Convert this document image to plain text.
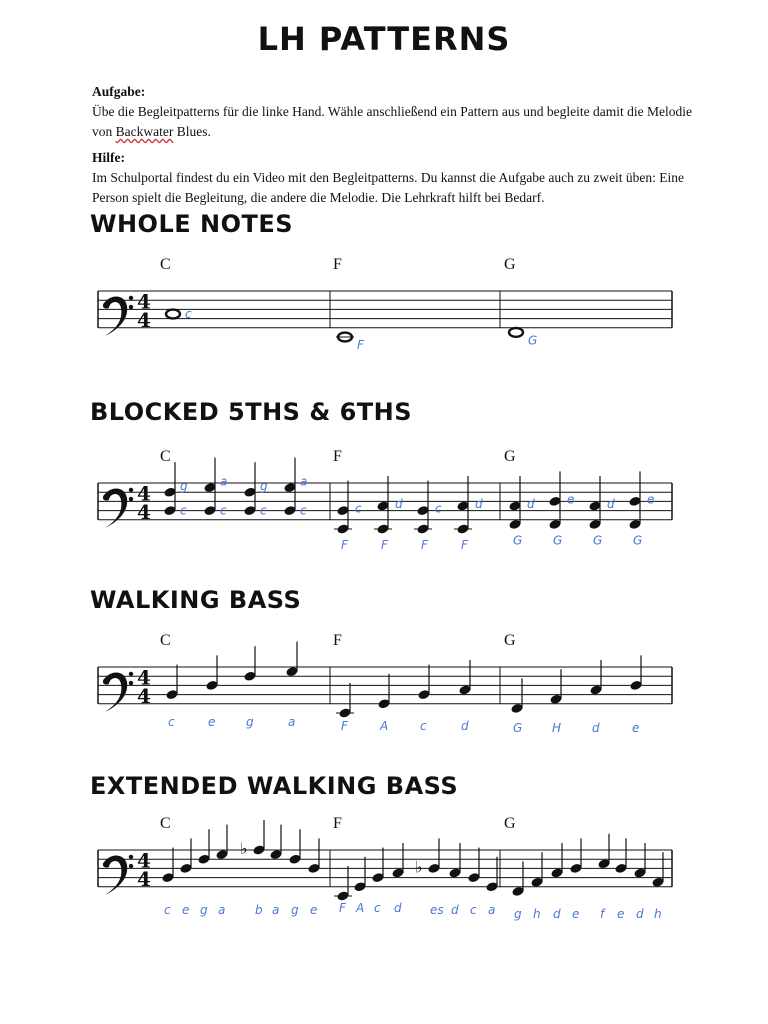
LH PATTERNS
Aufgabe:
Übe die Begleitpatterns für die linke Hand. Wähle anschließend ein Pattern aus und begleite damit die Melodie von Backwater Blues.
Hilfe:
Im Schulportal findest du ein Video mit den Begleitpatterns. Du kannst die Aufgabe auch zu zweit üben: Eine Person spielt die Begleitung, die andere die Melodie. Die Lehrkraft hilft bei Bedarf.
WHOLE NOTES
BLOCKED 5THS & 6THS
WALKING BASS
EXTENDED WALKING BASS
4
4
C	F	G
c
F	G
4
4
C	F	G
g
c
a
c
g
c
a
c	c
F
d
F
c
F
d
F
d
G
e
G
d
G
e
G
4
4
C	F	G
c	e	g	a	F	A	c	d	G H	d	e
4
4
C	F	G
c e g a b a g e F A c d es d c a g h d e f e d h
♭
♭
